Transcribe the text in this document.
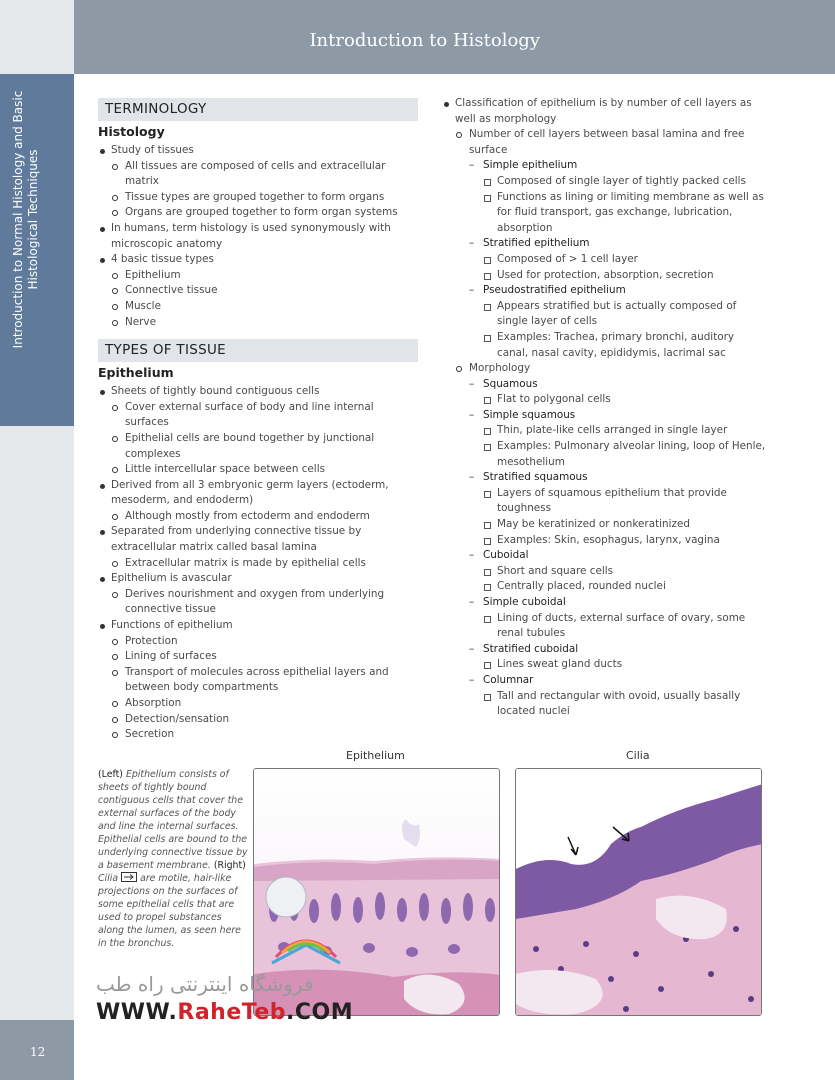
Introduction to Histology
Introduction to Normal Histology and Basic Histological Techniques
12
TERMINOLOGY
Histology
Study of tissues
All tissues are composed of cells and extracellular matrix
Tissue types are grouped together to form organs
Organs are grouped together to form organ systems
In humans, term histology is used synonymously with microscopic anatomy
4 basic tissue types
Epithelium
Connective tissue
Muscle
Nerve
TYPES OF TISSUE
Epithelium
Sheets of tightly bound contiguous cells
Cover external surface of body and line internal surfaces
Epithelial cells are bound together by junctional complexes
Little intercellular space between cells
Derived from all 3 embryonic germ layers (ectoderm, mesoderm, and endoderm)
Although mostly from ectoderm and endoderm
Separated from underlying connective tissue by extracellular matrix called basal lamina
Extracellular matrix is made by epithelial cells
Epithelium is avascular
Derives nourishment and oxygen from underlying connective tissue
Functions of epithelium
Protection
Lining of surfaces
Transport of molecules across epithelial layers and between body compartments
Absorption
Detection/sensation
Secretion
Classification of epithelium is by number of cell layers as well as morphology
Number of cell layers between basal lamina and free surface
– Simple epithelium
Composed of single layer of tightly packed cells
Functions as lining or limiting membrane as well as for fluid transport, gas exchange, lubrication, absorption
– Stratified epithelium
Composed of > 1 cell layer
Used for protection, absorption, secretion
– Pseudostratified epithelium
Appears stratified but is actually composed of single layer of cells
Examples: Trachea, primary bronchi, auditory canal, nasal cavity, epididymis, lacrimal sac
Morphology
– Squamous
Flat to polygonal cells
– Simple squamous
Thin, plate-like cells arranged in single layer
Examples: Pulmonary alveolar lining, loop of Henle, mesothelium
– Stratified squamous
Layers of squamous epithelium that provide toughness
May be keratinized or nonkeratinized
Examples: Skin, esophagus, larynx, vagina
– Cuboidal
Short and square cells
Centrally placed, rounded nuclei
– Simple cuboidal
Lining of ducts, external surface of ovary, some renal tubules
– Stratified cuboidal
Lines sweat gland ducts
– Columnar
Tall and rectangular with ovoid, usually basally located nuclei
Epithelium	Cilia
(Left) Epithelium consists of sheets of tightly bound contiguous cells that cover the external surfaces of the body and line the internal surfaces. Epithelial cells are bound to the underlying connective tissue by a basement membrane. (Right) Cilia are motile, hair-like projections on the surfaces of some epithelial cells that are used to propel substances along the lumen, as seen here in the bronchus.
فروشگاه اینترنتی راه طب
WWW.RaheTeb.COM
